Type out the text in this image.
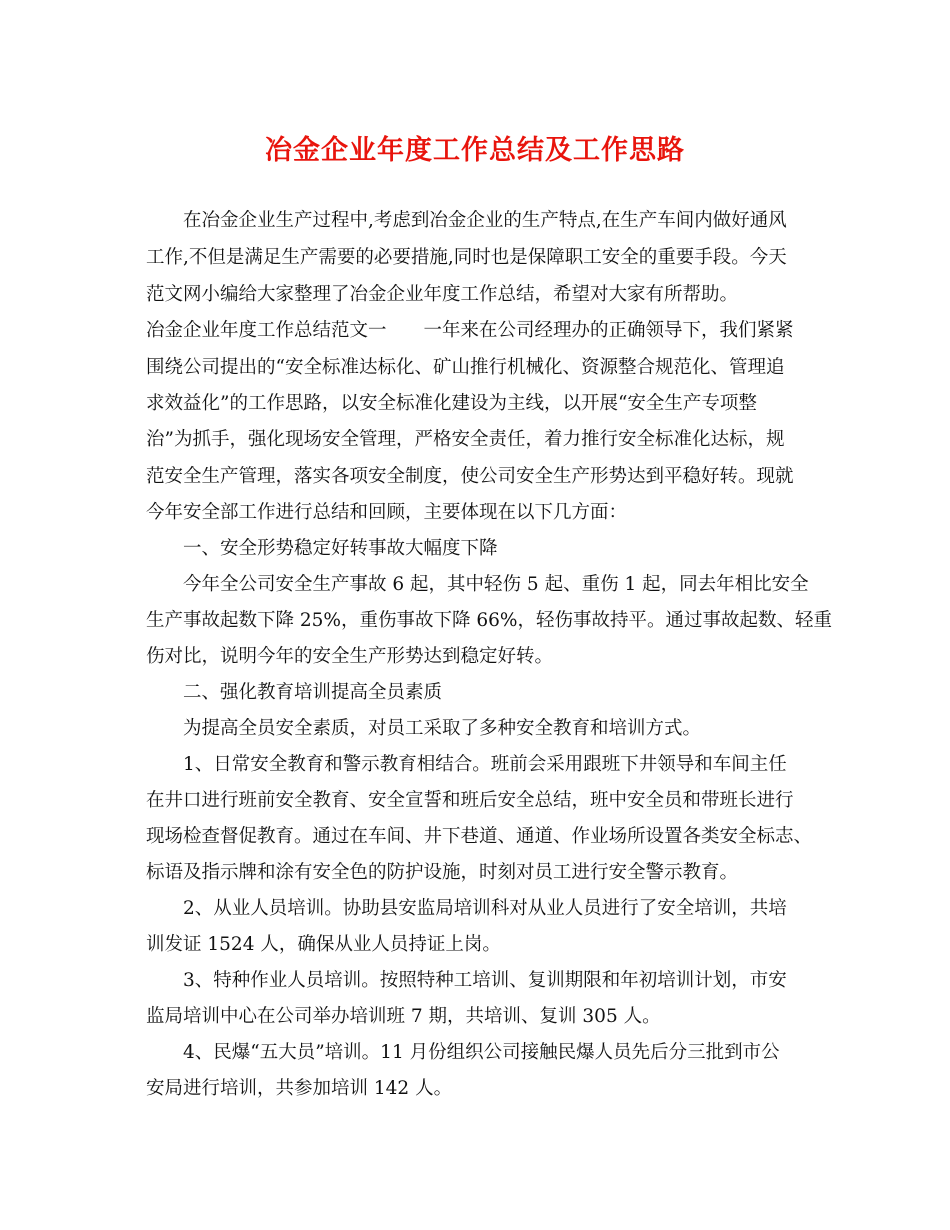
冶金企业年度工作总结及工作思路
在冶金企业生产过程中,考虑到冶金企业的生产特点,在生产车间内做好通风
工作,不但是满足生产需要的必要措施,同时也是保障职工安全的重要手段。今天
范文网小编给大家整理了冶金企业年度工作总结，希望对大家有所帮助。
冶金企业年度工作总结范文一　　一年来在公司经理办的正确领导下，我们紧紧
围绕公司提出的“安全标准达标化、矿山推行机械化、资源整合规范化、管理追
求效益化”的工作思路，以安全标准化建设为主线，以开展“安全生产专项整
治”为抓手，强化现场安全管理，严格安全责任，着力推行安全标准化达标，规
范安全生产管理，落实各项安全制度，使公司安全生产形势达到平稳好转。现就
今年安全部工作进行总结和回顾，主要体现在以下几方面：
一、安全形势稳定好转事故大幅度下降
今年全公司安全生产事故 6 起，其中轻伤 5 起、重伤 1 起，同去年相比安全
生产事故起数下降 25%，重伤事故下降 66%，轻伤事故持平。通过事故起数、轻重
伤对比，说明今年的安全生产形势达到稳定好转。
二、强化教育培训提高全员素质
为提高全员安全素质，对员工采取了多种安全教育和培训方式。
1、日常安全教育和警示教育相结合。班前会采用跟班下井领导和车间主任
在井口进行班前安全教育、安全宣誓和班后安全总结，班中安全员和带班长进行
现场检查督促教育。通过在车间、井下巷道、通道、作业场所设置各类安全标志、
标语及指示牌和涂有安全色的防护设施，时刻对员工进行安全警示教育。
2、从业人员培训。协助县安监局培训科对从业人员进行了安全培训，共培
训发证 1524 人，确保从业人员持证上岗。
3、特种作业人员培训。按照特种工培训、复训期限和年初培训计划，市安
监局培训中心在公司举办培训班 7 期，共培训、复训 305 人。
4、民爆“五大员”培训。11 月份组织公司接触民爆人员先后分三批到市公
安局进行培训，共参加培训 142 人。
